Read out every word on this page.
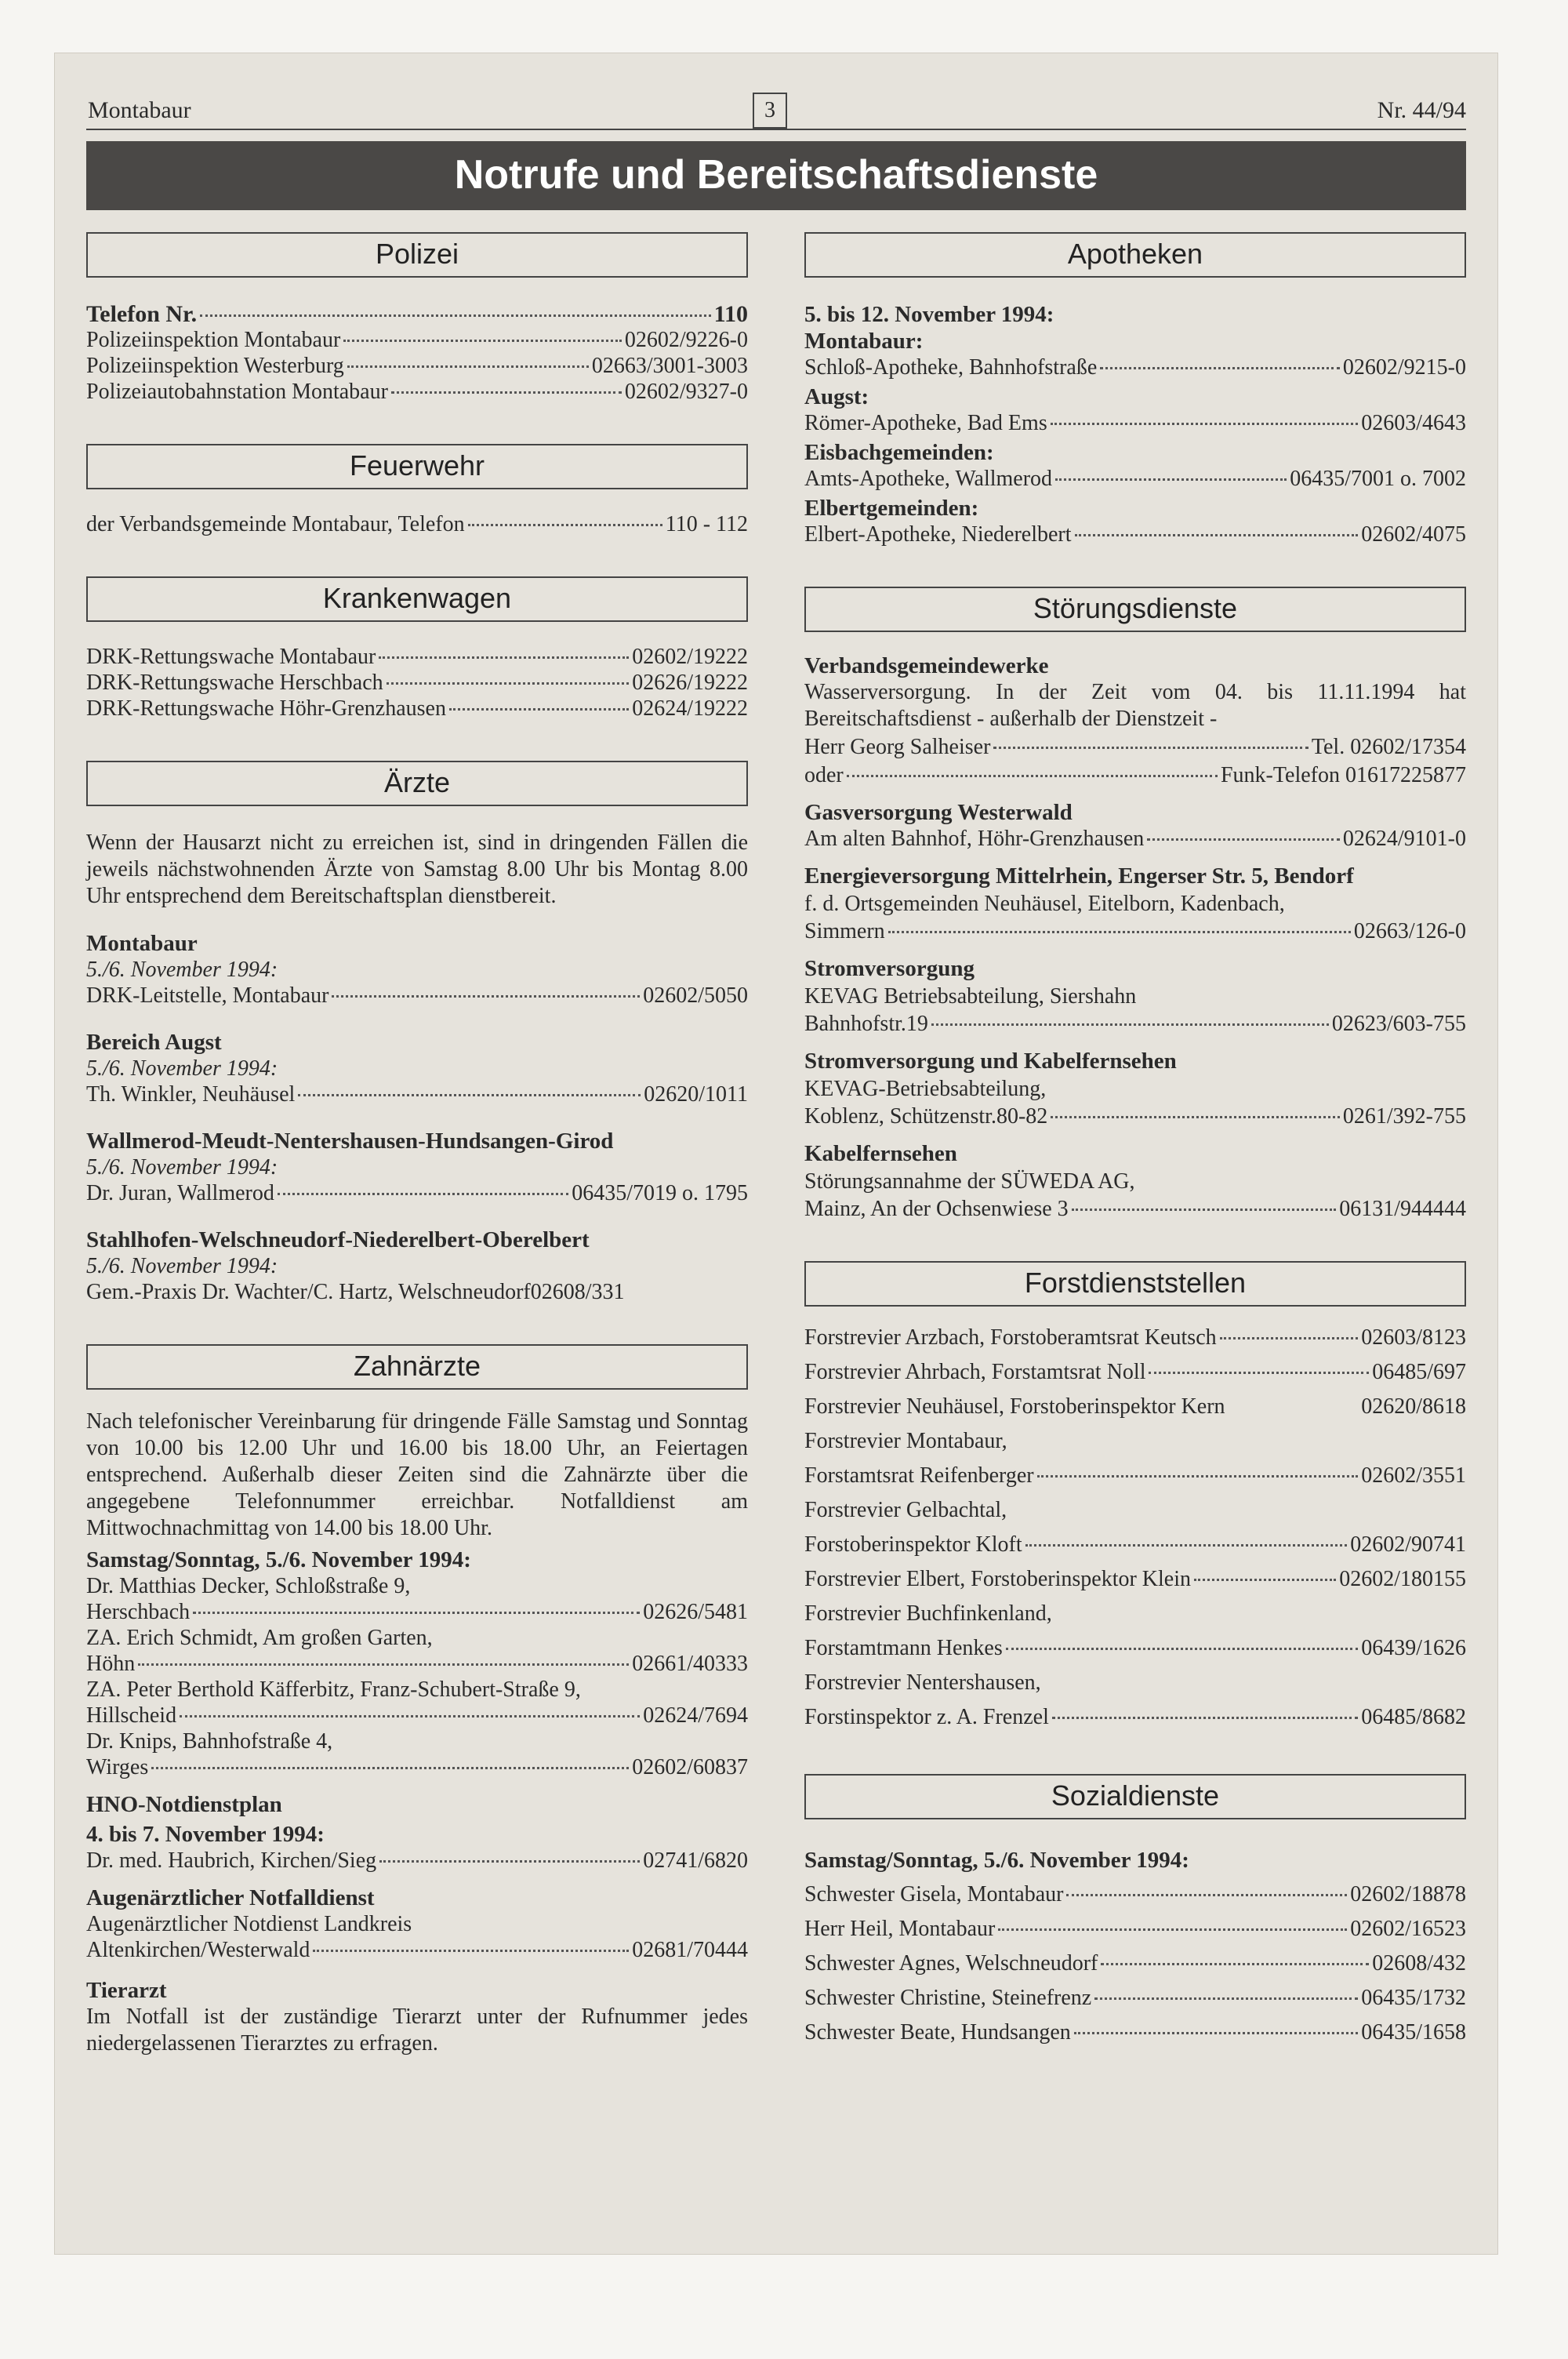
Montabaur	3	Nr. 44/94
Notrufe und Bereitschaftsdienste
Polizei
Telefon Nr.	110
Polizeiinspektion Montabaur	02602/9226-0
Polizeiinspektion Westerburg	02663/3001-3003
Polizeiautobahnstation Montabaur	02602/9327-0
Feuerwehr
der Verbandsgemeinde Montabaur, Telefon	110 - 112
Krankenwagen
DRK-Rettungswache Montabaur	02602/19222
DRK-Rettungswache Herschbach	02626/19222
DRK-Rettungswache Höhr-Grenzhausen	02624/19222
Ärzte
Wenn der Hausarzt nicht zu erreichen ist, sind in dringenden Fällen die jeweils nächstwohnenden Ärzte von Samstag 8.00 Uhr bis Montag 8.00 Uhr entsprechend dem Bereitschaftsplan dienstbereit.
Montabaur
5./6. November 1994:
DRK-Leitstelle, Montabaur	02602/5050
Bereich Augst
5./6. November 1994:
Th. Winkler, Neuhäusel	02620/1011
Wallmerod-Meudt-Nentershausen-Hundsangen-Girod
5./6. November 1994:
Dr. Juran, Wallmerod	06435/7019 o. 1795
Stahlhofen-Welschneudorf-Niederelbert-Oberelbert
5./6. November 1994:
Gem.-Praxis Dr. Wachter/C. Hartz, Welschneudorf 02608/331
Zahnärzte
Nach telefonischer Vereinbarung für dringende Fälle Samstag und Sonntag von 10.00 bis 12.00 Uhr und 16.00 bis 18.00 Uhr, an Feiertagen entsprechend. Außerhalb dieser Zeiten sind die Zahnärzte über die angegebene Telefonnummer erreichbar. Notfalldienst am Mittwochnachmittag von 14.00 bis 18.00 Uhr.
Samstag/Sonntag, 5./6. November 1994:
Dr. Matthias Decker, Schloßstraße 9,
Herschbach	02626/5481
ZA. Erich Schmidt, Am großen Garten,
Höhn	02661/40333
ZA. Peter Berthold Käfferbitz, Franz-Schubert-Straße 9,
Hillscheid	02624/7694
Dr. Knips, Bahnhofstraße 4,
Wirges	02602/60837
HNO-Notdienstplan
4. bis 7. November 1994:
Dr. med. Haubrich, Kirchen/Sieg	02741/6820
Augenärztlicher Notfalldienst
Augenärztlicher Notdienst Landkreis
Altenkirchen/Westerwald	02681/70444
Tierarzt
Im Notfall ist der zuständige Tierarzt unter der Rufnummer jedes niedergelassenen Tierarztes zu erfragen.
Apotheken
5. bis 12. November 1994:
Montabaur:
Schloß-Apotheke, Bahnhofstraße	02602/9215-0
Augst:
Römer-Apotheke, Bad Ems	02603/4643
Eisbachgemeinden:
Amts-Apotheke, Wallmerod	06435/7001 o. 7002
Elbertgemeinden:
Elbert-Apotheke, Niederelbert	02602/4075
Störungsdienste
Verbandsgemeindewerke
Wasserversorgung. In der Zeit vom 04. bis 11.11.1994 hat Bereitschaftsdienst - außerhalb der Dienstzeit -
Herr Georg Salheiser	Tel. 02602/17354
oder	Funk-Telefon 01617225877
Gasversorgung Westerwald
Am alten Bahnhof, Höhr-Grenzhausen	02624/9101-0
Energieversorgung Mittelrhein, Engerser Str. 5, Bendorf
f. d. Ortsgemeinden Neuhäusel, Eitelborn, Kadenbach,
Simmern	02663/126-0
Stromversorgung
KEVAG Betriebsabteilung, Siershahn
Bahnhofstr.19	02623/603-755
Stromversorgung und Kabelfernsehen
KEVAG-Betriebsabteilung,
Koblenz, Schützenstr.80-82	0261/392-755
Kabelfernsehen
Störungsannahme der SÜWEDA AG,
Mainz, An der Ochsenwiese 3	06131/944444
Forstdienststellen
Forstrevier Arzbach, Forstoberamtsrat Keutsch	02603/8123
Forstrevier Ahrbach, Forstamtsrat Noll	06485/697
Forstrevier Neuhäusel, Forstoberinspektor Kern	02620/8618
Forstrevier Montabaur,
Forstamtsrat Reifenberger	02602/3551
Forstrevier Gelbachtal,
Forstoberinspektor Kloft	02602/90741
Forstrevier Elbert, Forstoberinspektor Klein	02602/180155
Forstrevier Buchfinkenland,
Forstamtmann Henkes	06439/1626
Forstrevier Nentershausen,
Forstinspektor z. A. Frenzel	06485/8682
Sozialdienste
Samstag/Sonntag, 5./6. November 1994:
Schwester Gisela, Montabaur	02602/18878
Herr Heil, Montabaur	02602/16523
Schwester Agnes, Welschneudorf	02608/432
Schwester Christine, Steinefrenz	06435/1732
Schwester Beate, Hundsangen	06435/1658
